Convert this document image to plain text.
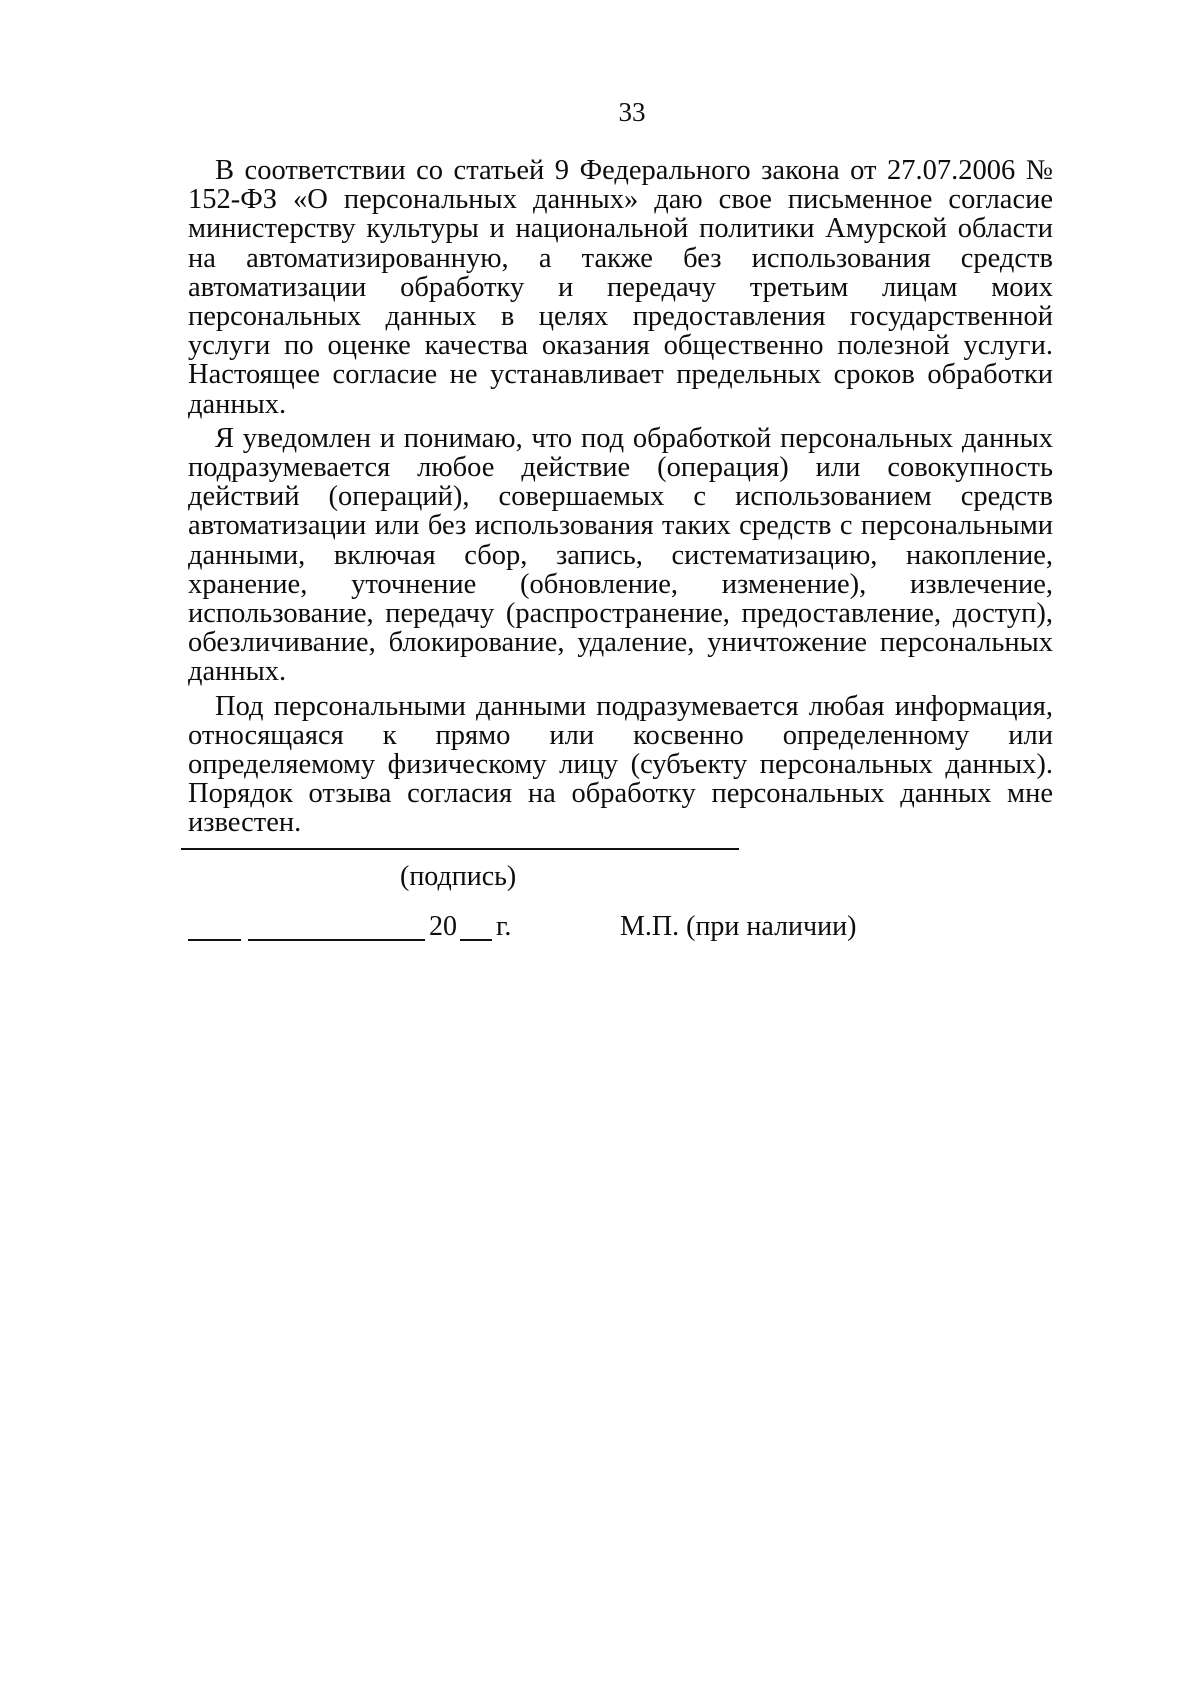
33

В соответствии со статьей 9 Федерального закона от 27.07.2006 № 152-ФЗ «О персональных данных» даю свое письменное согласие министерству культуры и национальной политики Амурской области на автоматизированную, а также без использования средств автоматизации обработку и передачу третьим лицам моих персональных данных в целях предоставления государственной услуги по оценке качества оказания общественно полезной услуги. Настоящее согласие не устанавливает предельных сроков обработки данных.

Я уведомлен и понимаю, что под обработкой персональных данных подразумевается любое действие (операция) или совокупность действий (операций), совершаемых с использованием средств автоматизации или без использования таких средств с персональными данными, включая сбор, запись, систематизацию, накопление, хранение, уточнение (обновление, изменение), извлечение, использование, передачу (распространение, предоставление, доступ), обезличивание, блокирование, удаление, уничтожение персональных данных.

Под персональными данными подразумевается любая информация, относящаяся к прямо или косвенно определенному или определяемому физическому лицу (субъекту персональных данных). Порядок отзыва согласия на обработку персональных данных мне известен.

(подпись)
20 г.	М.П. (при наличии)
